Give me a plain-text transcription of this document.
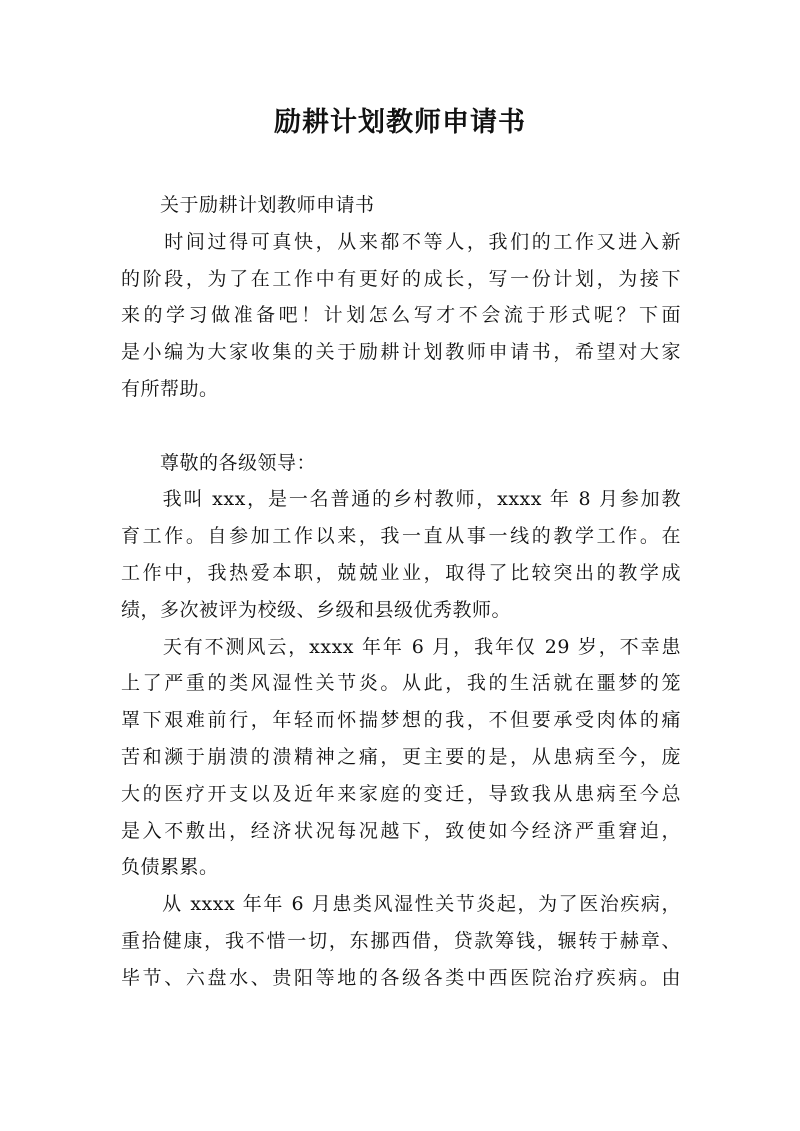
励耕计划教师申请书
　　关于励耕计划教师申请书
　　时间过得可真快，从来都不等人，我们的工作又进入新
的阶段，为了在工作中有更好的成长，写一份计划，为接下
来的学习做准备吧！计划怎么写才不会流于形式呢？下面
是小编为大家收集的关于励耕计划教师申请书，希望对大家
有所帮助。
　　尊敬的各级领导：
　　我叫 xxx，是一名普通的乡村教师，xxxx 年 8 月参加教
育工作。自参加工作以来，我一直从事一线的教学工作。在
工作中，我热爱本职，兢兢业业，取得了比较突出的教学成
绩，多次被评为校级、乡级和县级优秀教师。
　　天有不测风云，xxxx 年年 6 月，我年仅 29 岁，不幸患
上了严重的类风湿性关节炎。从此，我的生活就在噩梦的笼
罩下艰难前行，年轻而怀揣梦想的我，不但要承受肉体的痛
苦和濒于崩溃的溃精神之痛，更主要的是，从患病至今，庞
大的医疗开支以及近年来家庭的变迁，导致我从患病至今总
是入不敷出，经济状况每况越下，致使如今经济严重窘迫，
负债累累。
　　从 xxxx 年年 6 月患类风湿性关节炎起，为了医治疾病，
重拾健康，我不惜一切，东挪西借，贷款筹钱，辗转于赫章、
毕节、六盘水、贵阳等地的各级各类中西医院治疗疾病。由
